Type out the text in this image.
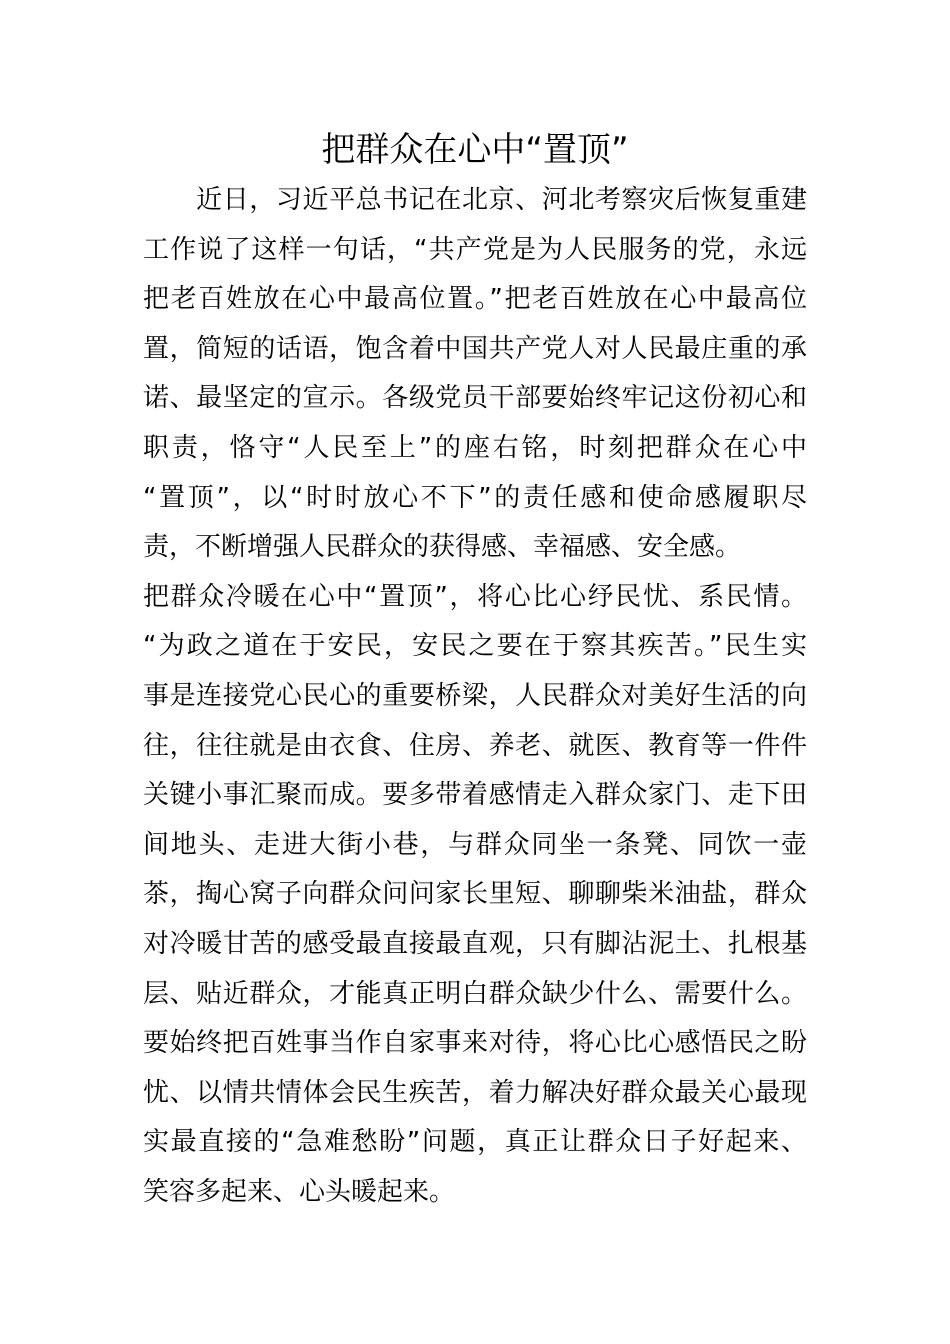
把群众在心中“置顶”
　　近日，习近平总书记在北京、河北考察灾后恢复重建
工作说了这样一句话，“共产党是为人民服务的党，永远
把老百姓放在心中最高位置。”把老百姓放在心中最高位
置，简短的话语，饱含着中国共产党人对人民最庄重的承
诺、最坚定的宣示。各级党员干部要始终牢记这份初心和
职责，恪守“人民至上”的座右铭，时刻把群众在心中
“置顶”，以“时时放心不下”的责任感和使命感履职尽
责，不断增强人民群众的获得感、幸福感、安全感。
把群众冷暖在心中“置顶”，将心比心纾民忧、系民情。
“为政之道在于安民，安民之要在于察其疾苦。”民生实
事是连接党心民心的重要桥梁，人民群众对美好生活的向
往，往往就是由衣食、住房、养老、就医、教育等一件件
关键小事汇聚而成。要多带着感情走入群众家门、走下田
间地头、走进大街小巷，与群众同坐一条凳、同饮一壶
茶，掏心窝子向群众问问家长里短、聊聊柴米油盐，群众
对冷暖甘苦的感受最直接最直观，只有脚沾泥土、扎根基
层、贴近群众，才能真正明白群众缺少什么、需要什么。
要始终把百姓事当作自家事来对待，将心比心感悟民之盼
忧、以情共情体会民生疾苦，着力解决好群众最关心最现
实最直接的“急难愁盼”问题，真正让群众日子好起来、
笑容多起来、心头暖起来。
